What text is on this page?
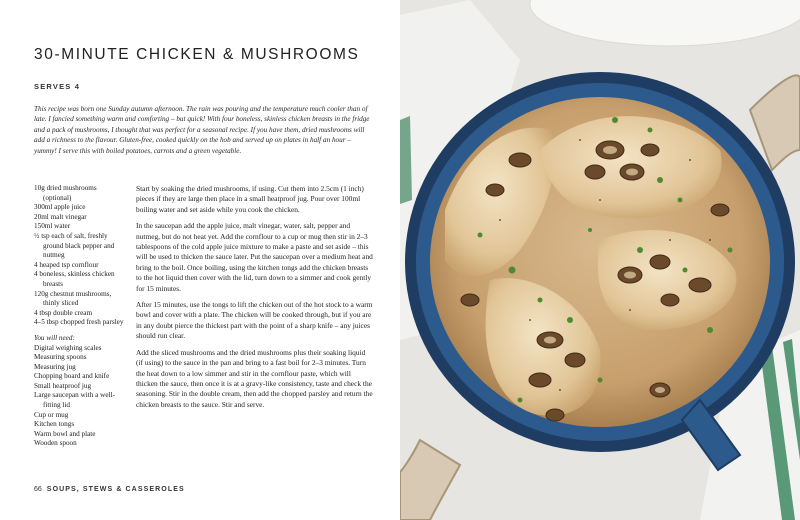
30-MINUTE CHICKEN & MUSHROOMS
SERVES 4
This recipe was born one Sunday autumn afternoon. The rain was pouring and the temperature much cooler than of late. I fancied something warm and comforting – but quick! With four boneless, skinless chicken breasts in the fridge and a pack of mushrooms, I thought that was perfect for a seasonal recipe. If you have them, dried mushrooms will add a richness to the flavour. Gluten-free, cooked quickly on the hob and served up on plates in half an hour – yummy! I serve this with boiled potatoes, carrots and a green vegetable.
10g dried mushrooms (optional)
300ml apple juice
20ml malt vinegar
150ml water
½ tsp each of salt, freshly ground black pepper and nutmeg
4 heaped tsp cornflour
4 boneless, skinless chicken breasts
120g chestnut mushrooms, thinly sliced
4 tbsp double cream
4–5 tbsp chopped fresh parsley
You will need:
Digital weighing scales
Measuring spoons
Measuring jug
Chopping board and knife
Small heatproof jug
Large saucepan with a well-fitting lid
Cup or mug
Kitchen tongs
Warm bowl and plate
Wooden spoon

Start by soaking the dried mushrooms, if using. Cut them into 2.5cm (1 inch) pieces if they are large then place in a small heatproof jug. Pour over 100ml boiling water and set aside while you cook the chicken.

In the saucepan add the apple juice, malt vinegar, water, salt, pepper and nutmeg, but do not heat yet. Add the cornflour to a cup or mug then stir in 2–3 tablespoons of the cold apple juice mixture to make a paste and set aside – this will be used to thicken the sauce later. Put the saucepan over a medium heat and bring to the boil. Once boiling, using the kitchen tongs add the chicken breasts to the hot liquid then cover with the lid, turn down to a simmer and cook gently for 15 minutes.

After 15 minutes, use the tongs to lift the chicken out of the hot stock to a warm bowl and cover with a plate. The chicken will be cooked through, but if you are in any doubt pierce the thickest part with the point of a sharp knife – any juices should run clear.

Add the sliced mushrooms and the dried mushrooms plus their soaking liquid (if using) to the sauce in the pan and bring to a fast boil for 2–3 minutes. Turn the heat down to a low simmer and stir in the cornflour paste, which will thicken the sauce, then once it is at a gravy-like consistency, taste and check the seasoning. Stir in the double cream, then add the chopped parsley and return the chicken breasts to the sauce. Stir and serve.

66 SOUPS, STEWS & CASSEROLES
